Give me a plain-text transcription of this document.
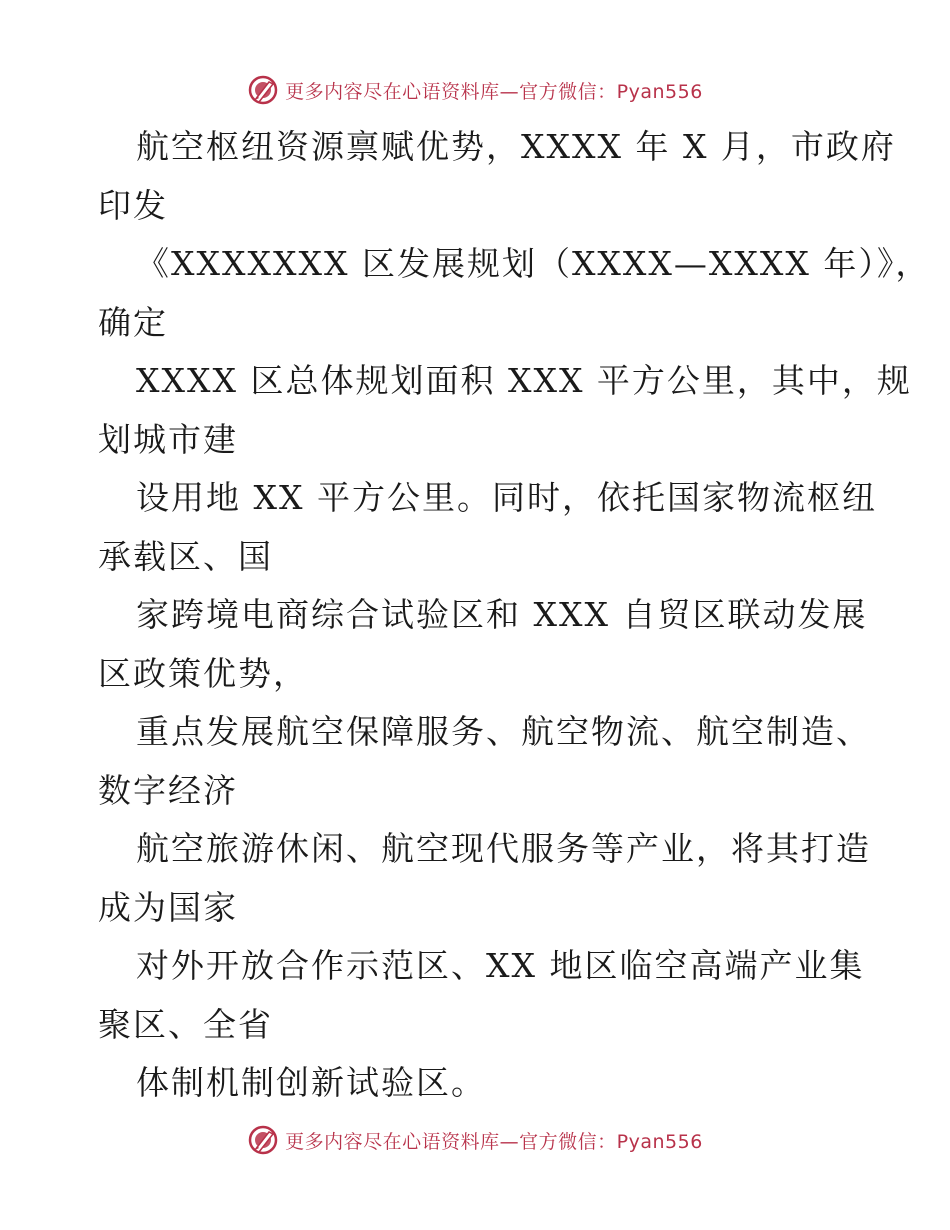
更多内容尽在心语资料库—官方微信：Pyan556
航空枢纽资源禀赋优势，XXXX 年 X 月，市政府
印发
《XXXXXXX 区发展规划（XXXX—XXXX 年）》，
确定
XXXX 区总体规划面积 XXX 平方公里，其中，规
划城市建
设用地 XX 平方公里。同时，依托国家物流枢纽
承载区、国
家跨境电商综合试验区和 XXX 自贸区联动发展
区政策优势，
重点发展航空保障服务、航空物流、航空制造、
数字经济
航空旅游休闲、航空现代服务等产业，将其打造
成为国家
对外开放合作示范区、XX 地区临空高端产业集
聚区、全省
体制机制创新试验区。
更多内容尽在心语资料库—官方微信：Pyan556
